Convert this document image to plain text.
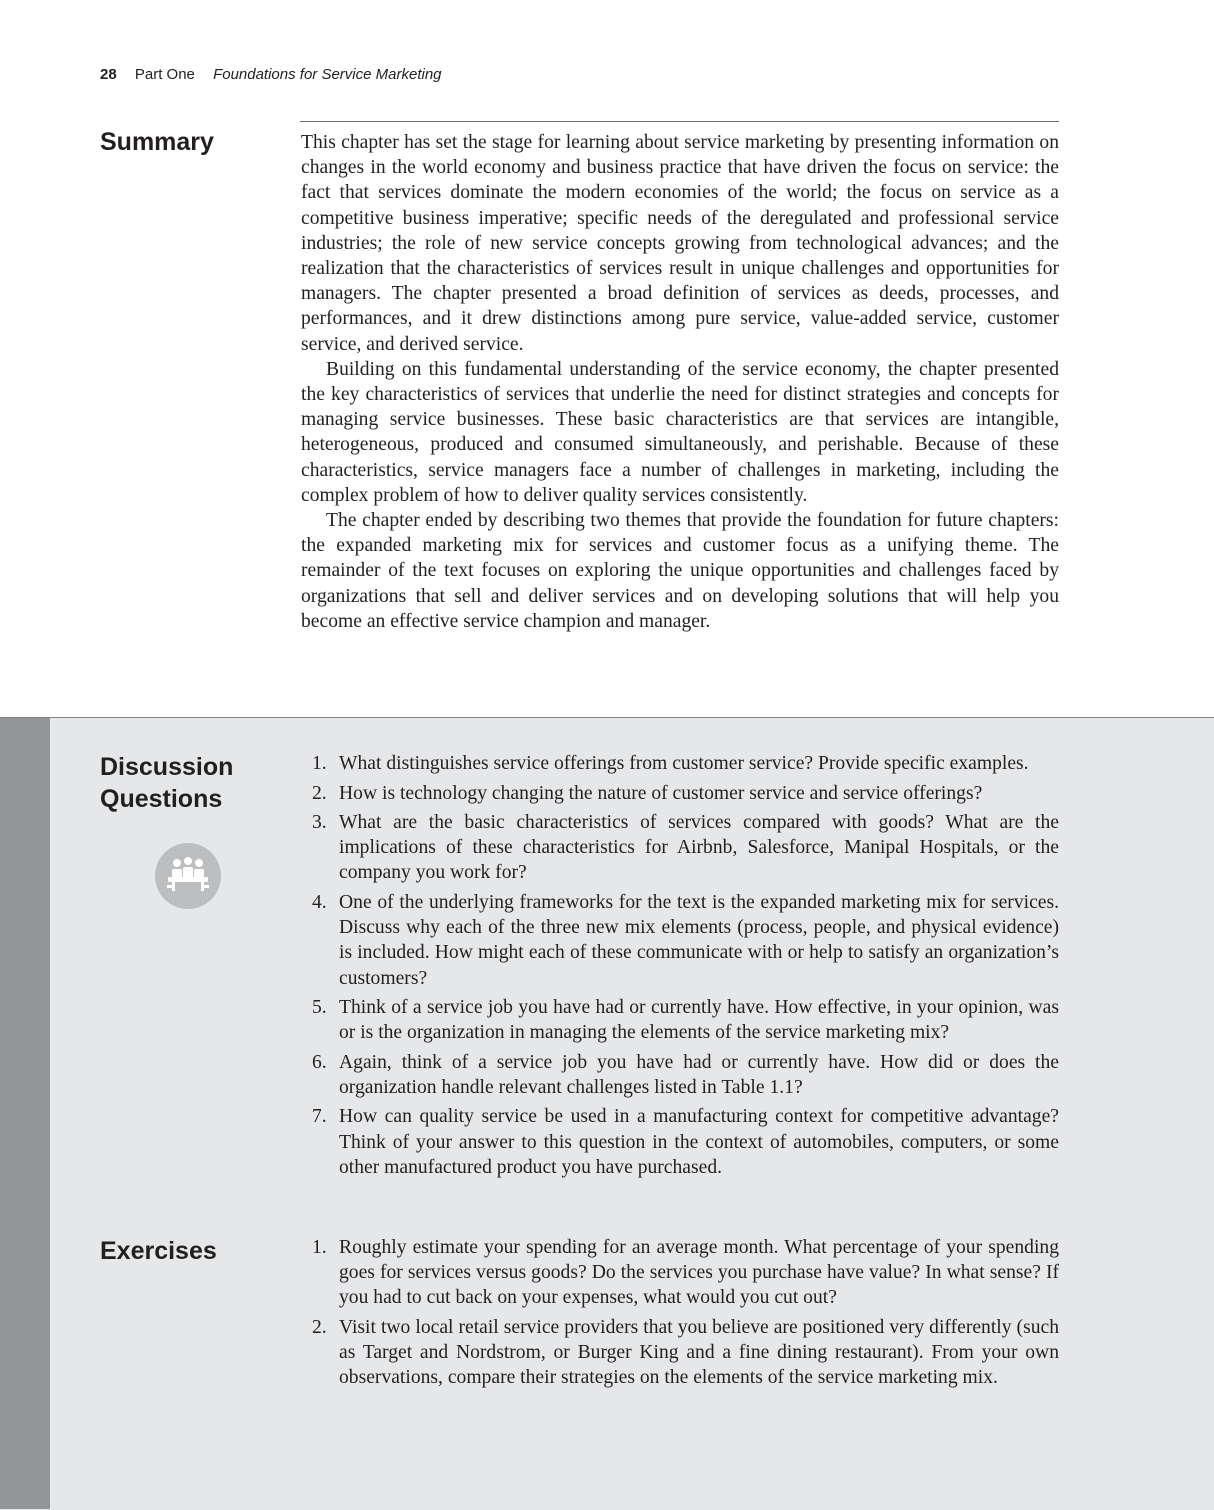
28 Part One Foundations for Service Marketing
Summary	This chapter has set the stage for learning about service marketing by presenting information on changes in the world economy and business practice that have driven the focus on service: the fact that services dominate the modern economies of the world; the focus on service as a competitive business imperative; specific needs of the deregulated and professional service industries; the role of new service concepts growing from technological advances; and the realization that the characteristics of services result in unique challenges and opportunities for managers. The chapter presented a broad definition of services as deeds, processes, and performances, and it drew distinctions among pure service, value-added service, customer service, and derived service.

Building on this fundamental understanding of the service economy, the chapter presented the key characteristics of services that underlie the need for distinct strategies and concepts for managing service businesses. These basic characteristics are that services are intangible, heterogeneous, produced and consumed simultaneously, and perishable. Because of these characteristics, service managers face a number of challenges in marketing, including the complex problem of how to deliver quality services consistently.

The chapter ended by describing two themes that provide the foundation for future chapters: the expanded marketing mix for services and customer focus as a unifying theme. The remainder of the text focuses on exploring the unique opportunities and challenges faced by organizations that sell and deliver services and on developing solutions that will help you become an effective service champion and manager.

Discussion Questions
1. What distinguishes service offerings from customer service? Provide specific examples.
2. How is technology changing the nature of customer service and service offerings?
3. What are the basic characteristics of services compared with goods? What are the implications of these characteristics for Airbnb, Salesforce, Manipal Hospitals, or the company you work for?
4. One of the underlying frameworks for the text is the expanded marketing mix for services. Discuss why each of the three new mix elements (process, people, and physical evidence) is included. How might each of these communicate with or help to satisfy an organization’s customers?
5. Think of a service job you have had or currently have. How effective, in your opinion, was or is the organization in managing the elements of the service marketing mix?
6. Again, think of a service job you have had or currently have. How did or does the organization handle relevant challenges listed in Table 1.1?
7. How can quality service be used in a manufacturing context for competitive advantage? Think of your answer to this question in the context of automobiles, computers, or some other manufactured product you have purchased.
Exercises	1. Roughly estimate your spending for an average month. What percentage of your spending goes for services versus goods? Do the services you purchase have value? In what sense? If you had to cut back on your expenses, what would you cut out?
2. Visit two local retail service providers that you believe are positioned very differently (such as Target and Nordstrom, or Burger King and a fine dining restaurant). From your own observations, compare their strategies on the elements of the service marketing mix.
